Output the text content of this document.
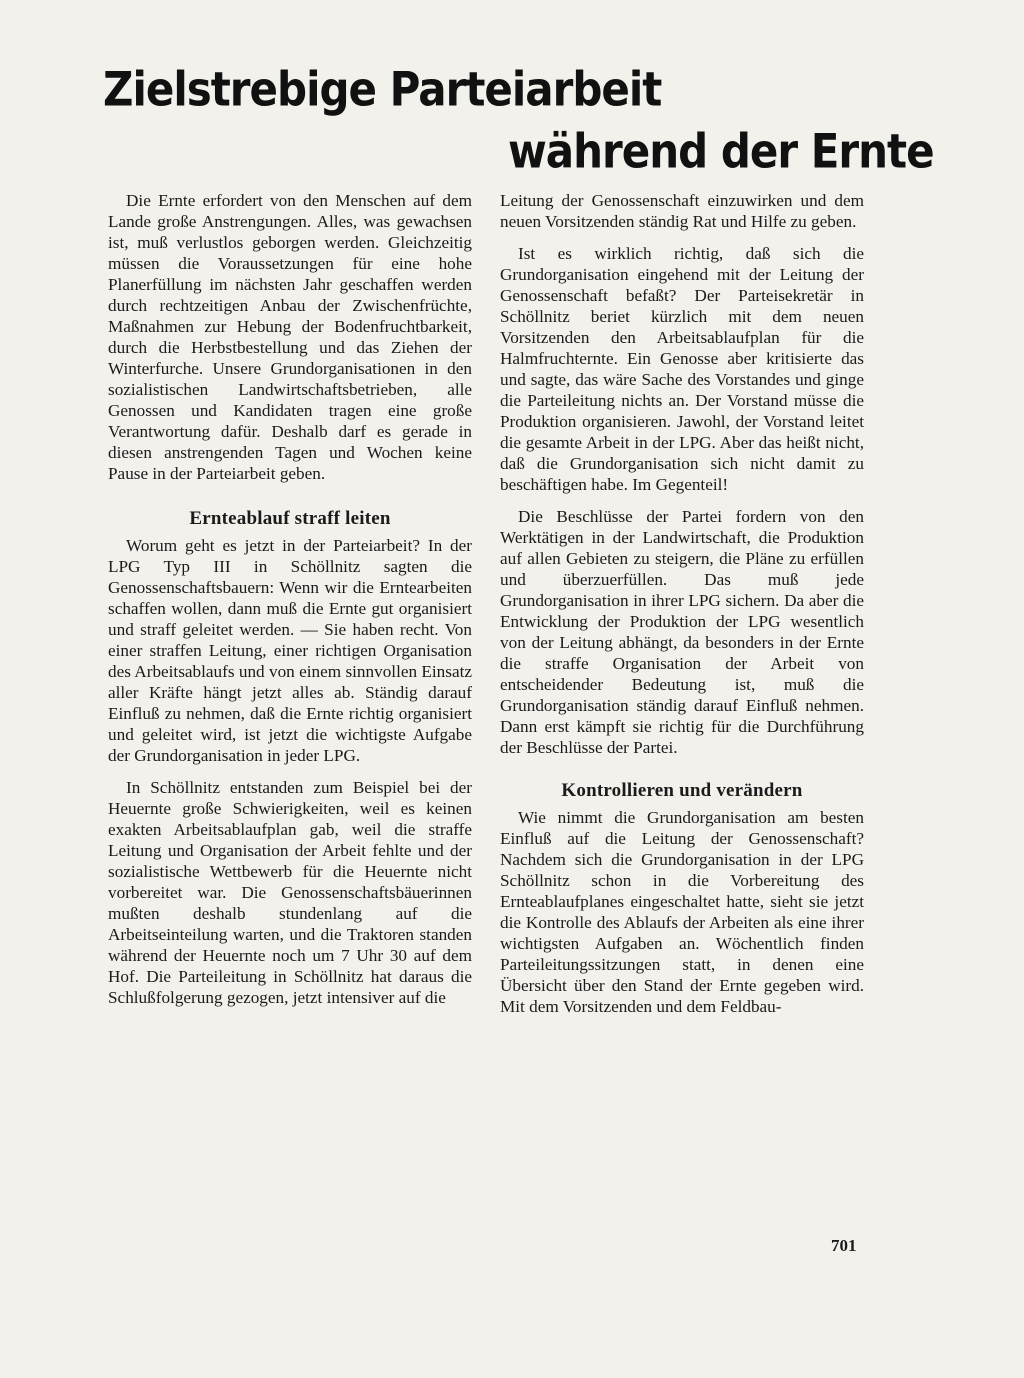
Zielstrebige Parteiarbeit
während der Ernte

Die Ernte erfordert von den Menschen auf dem Lande große Anstrengungen. Alles, was gewachsen ist, muß verlustlos geborgen werden. Gleichzeitig müssen die Voraussetzungen für eine hohe Planerfüllung im nächsten Jahr geschaffen werden durch rechtzeitigen Anbau der Zwischenfrüchte, Maßnahmen zur Hebung der Bodenfruchtbarkeit, durch die Herbstbestellung und das Ziehen der Winterfurche. Unsere Grundorganisationen in den sozialistischen Landwirtschaftsbetrieben, alle Genossen und Kandidaten tragen eine große Verantwortung dafür. Deshalb darf es gerade in diesen anstrengenden Tagen und Wochen keine Pause in der Parteiarbeit geben.

Ernteablauf straff leiten

Worum geht es jetzt in der Parteiarbeit? In der LPG Typ III in Schöllnitz sagten die Genossenschaftsbauern: Wenn wir die Erntearbeiten schaffen wollen, dann muß die Ernte gut organisiert und straff geleitet werden. — Sie haben recht. Von einer straffen Leitung, einer richtigen Organisation des Arbeitsablaufs und von einem sinnvollen Einsatz aller Kräfte hängt jetzt alles ab. Ständig darauf Einfluß zu nehmen, daß die Ernte richtig organisiert und geleitet wird, ist jetzt die wichtigste Aufgabe der Grundorganisation in jeder LPG.

In Schöllnitz entstanden zum Beispiel bei der Heuernte große Schwierigkeiten, weil es keinen exakten Arbeitsablaufplan gab, weil die straffe Leitung und Organisation der Arbeit fehlte und der sozialistische Wettbewerb für die Heuernte nicht vorbereitet war. Die Genossenschaftsbäuerinnen mußten deshalb stundenlang auf die Arbeitseinteilung warten, und die Traktoren standen während der Heuernte noch um 7 Uhr 30 auf dem Hof. Die Parteileitung in Schöllnitz hat daraus die Schlußfolgerung gezogen, jetzt intensiver auf die

Leitung der Genossenschaft einzuwirken und dem neuen Vorsitzenden ständig Rat und Hilfe zu geben.

Ist es wirklich richtig, daß sich die Grundorganisation eingehend mit der Leitung der Genossenschaft befaßt? Der Parteisekretär in Schöllnitz beriet kürzlich mit dem neuen Vorsitzenden den Arbeitsablaufplan für die Halmfruchternte. Ein Genosse aber kritisierte das und sagte, das wäre Sache des Vorstandes und ginge die Parteileitung nichts an. Der Vorstand müsse die Produktion organisieren. Jawohl, der Vorstand leitet die gesamte Arbeit in der LPG. Aber das heißt nicht, daß die Grundorganisation sich nicht damit zu beschäftigen habe. Im Gegenteil!

Die Beschlüsse der Partei fordern von den Werktätigen in der Landwirtschaft, die Produktion auf allen Gebieten zu steigern, die Pläne zu erfüllen und überzuerfüllen. Das muß jede Grundorganisation in ihrer LPG sichern. Da aber die Entwicklung der Produktion der LPG wesentlich von der Leitung abhängt, da besonders in der Ernte die straffe Organisation der Arbeit von entscheidender Bedeutung ist, muß die Grundorganisation ständig darauf Einfluß nehmen. Dann erst kämpft sie richtig für die Durchführung der Beschlüsse der Partei.

Kontrollieren und verändern

Wie nimmt die Grundorganisation am besten Einfluß auf die Leitung der Genossenschaft? Nachdem sich die Grundorganisation in der LPG Schöllnitz schon in die Vorbereitung des Ernteablaufplanes eingeschaltet hatte, sieht sie jetzt die Kontrolle des Ablaufs der Arbeiten als eine ihrer wichtigsten Aufgaben an. Wöchentlich finden Parteileitungssitzungen statt, in denen eine Übersicht über den Stand der Ernte gegeben wird. Mit dem Vorsitzenden und dem Feldbau-

701
